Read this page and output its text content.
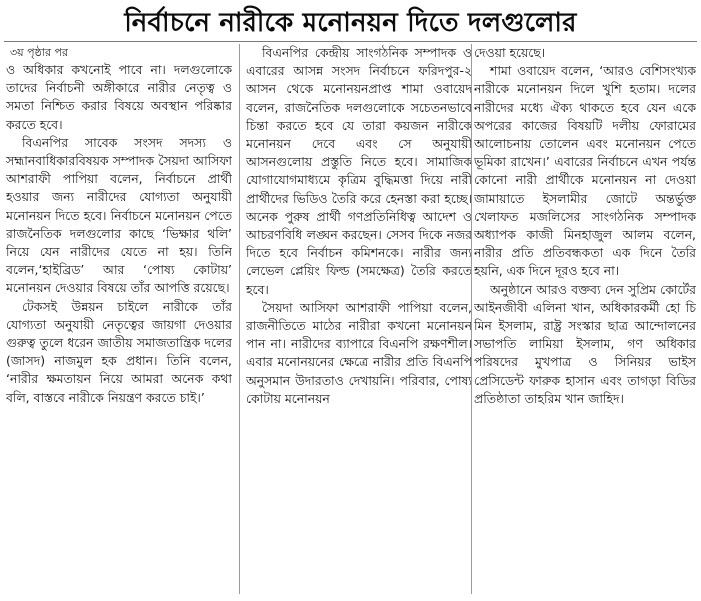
নির্বাচনে নারীকে মনোনয়ন দিতে দলগুলোর
৩য় পৃষ্ঠার পর

ও অধিকার কখনোই পাবে না। দলগুলোকে তাদের নির্বাচনী অঙ্গীকারে নারীর নেতৃত্ব ও সমতা নিশ্চিত করার বিষয়ে অবস্থান পরিষ্কার করতে হবে।

বিএনপির সাবেক সংসদ সদস্য ও সহ্মানবাধিকারবিষয়ক সম্পাদক সৈয়দা আসিফা আশরাফী পাপিয়া বলেন, নির্বাচনে প্রার্থী হওয়ার জন্য নারীদের যোগ্যতা অনুযায়ী মনোনয়ন দিতে হবে। নির্বাচনে মনোনয়ন পেতে রাজনৈতিক দলগুলোর কাছে ‘ভিক্ষার থলি’ নিয়ে যেন নারীদের যেতে না হয়। তিনি বলেন,‘হাইব্রিড’ আর ‘পোষ্য কোটায়’ মনোনয়ন দেওয়ার বিষয়ে তাঁর আপত্তি রয়েছে।

টেকসই উন্নয়ন চাইলে নারীকে তাঁর যোগ্যতা অনুযায়ী নেতৃত্বের জায়গা দেওয়ার গুরুত্ব তুলে ধরেন জাতীয় সমাজতান্ত্রিক দলের (জাসদ) নাজমুল হক প্রধান। তিনি বলেন, ‘নারীর ক্ষমতায়ন নিয়ে আমরা অনেক কথা বলি, বাস্তবে নারীকে নিয়ন্ত্রণ করতে চাই।’

বিএনপির কেন্দ্রীয় সাংগঠনিক সম্পাদক ও এবারের আসন্ন সংসদ নির্বাচনে ফরিদপুর-২ আসন থেকে মনোনয়নপ্রাপ্ত শামা ওবায়েদ বলেন, রাজনৈতিক দলগুলোকে সচেতনভাবে চিন্তা করতে হবে যে তারা কয়জন নারীকে মনোনয়ন দেবে এবং সে অনুযায়ী আসনগুলোয় প্রস্তুতি নিতে হবে। সামাজিক যোগাযোগমাধ্যমে কৃত্রিম বুদ্ধিমত্তা দিয়ে নারী প্রার্থীদের ভিডিও তৈরি করে হেনস্তা করা হচ্ছে। অনেক পুরুষ প্রার্থী গণপ্রতিনিধিত্ব আদেশ ও আচরণবিধি লঙ্ঘন করছেন। সেসব দিকে নজর দিতে হবে নির্বাচন কমিশনকে। নারীর জন্য লেভেল প্লেয়িং ফিল্ড (সমক্ষেত্র) তৈরি করতে হবে।

সৈয়দা আসিফা আশরাফী পাপিয়া বলেন, রাজনীতিতে মাঠের নারীরা কখনো মনোনয়ন পান না। নারীদের ব্যাপারে বিএনপি রক্ষণশীল। এবার মনোনয়নের ক্ষেত্রে নারীর প্রতি বিএনপি অনুসমান উদারতাও দেখায়নি। পরিবার, পোষ্য কোটায় মনোনয়ন

দেওয়া হয়েছে।

শামা ওবায়েদ বলেন, ‘আরও বেশিসংখ্যক নারীকে মনোনয়ন দিলে খুশি হতাম। দলের নারীদের মধ্যে ঐক্য থাকতে হবে যেন একে অপরের কাজের বিষয়টি দলীয় ফোরামের আলোচনায় তোলেন এবং মনোনয়ন পেতে ভূমিকা রাখেন।’ এবারের নির্বাচনে এখন পর্যন্ত কোনো নারী প্রার্থীকে মনোনয়ন না দেওয়া জামায়াতে ইসলামীর জোটে অন্তর্ভুক্ত খেলাফত মজলিসের সাংগঠনিক সম্পাদক অধ্যাপক কাজী মিনহাজুল আলম বলেন, নারীর প্রতি প্রতিবন্ধকতা এক দিনে তৈরি হয়নি, এক দিনে দূরও হবে না।

অনুষ্ঠানে আরও বক্তব্য দেন সুপ্রিম কোর্টের আইনজীবী এলিনা খান, অধিকারকর্মী হো চি মিন ইসলাম, রাষ্ট্র সংস্কার ছাত্র আন্দোলনের সভাপতি লামিয়া ইসলাম, গণ অধিকার পরিষদের মুখপাত্র ও সিনিয়র ভাইস প্রেসিডেন্ট ফারুক হাসান এবং তাগড়া বিডির প্রতিষ্ঠাতা তাহরিম খান জাহিদ।
